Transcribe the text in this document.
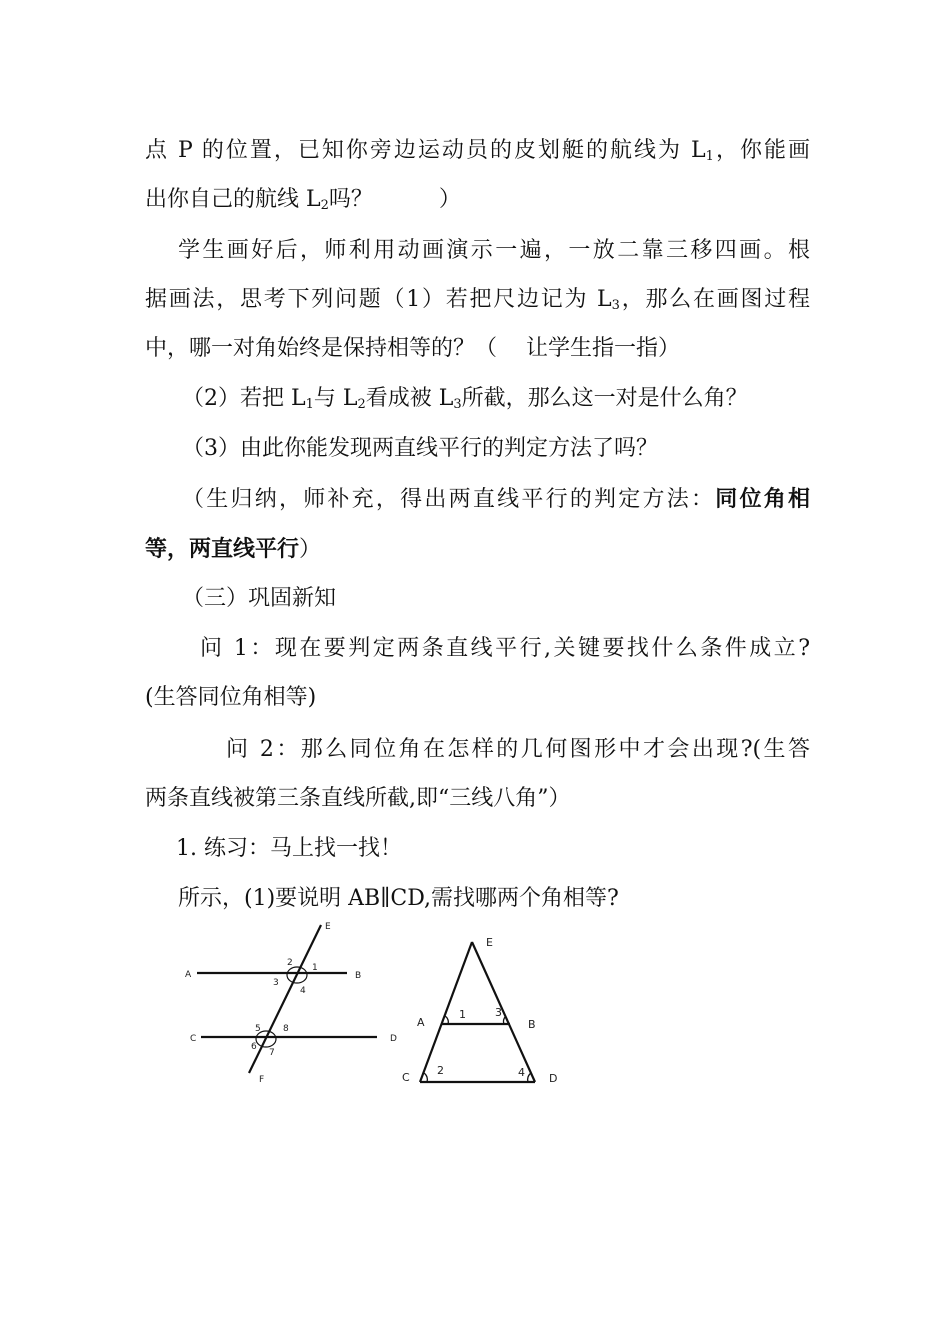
点 P 的位置，已知你旁边运动员的皮划艇的航线为 $L_1$，你能画
出你自己的航线 $L_2$吗？　　　）
学生画好后，师利用动画演示一遍，一放二靠三移四画。根
据画法，思考下列问题（1）若把尺边记为 $L_3$，那么在画图过程
中，哪一对角始终是保持相等的？（　 让学生指一指）
（2）若把 $L_1$与 $L_2$看成被 $L_3$所截，那么这一对是什么角？
（3）由此你能发现两直线平行的判定方法了吗？
（生归纳，师补充，得出两直线平行的判定方法：同位角相
等，两直线平行）
（三）巩固新知
问 1：现在要判定两条直线平行,关键要找什么条件成立?
(生答同位角相等)
问 2：那么同位角在怎样的几何图形中才会出现?(生答
两条直线被第三条直线所截,即“三线八角”）
1. 练习：马上找一找！
所示，(1)要说明 AB∥CD,需找哪两个角相等?
E
A	B
C	D
F
2 1
3
4
5 8
6
7
E
A	B
C	D
1	3
2	4
